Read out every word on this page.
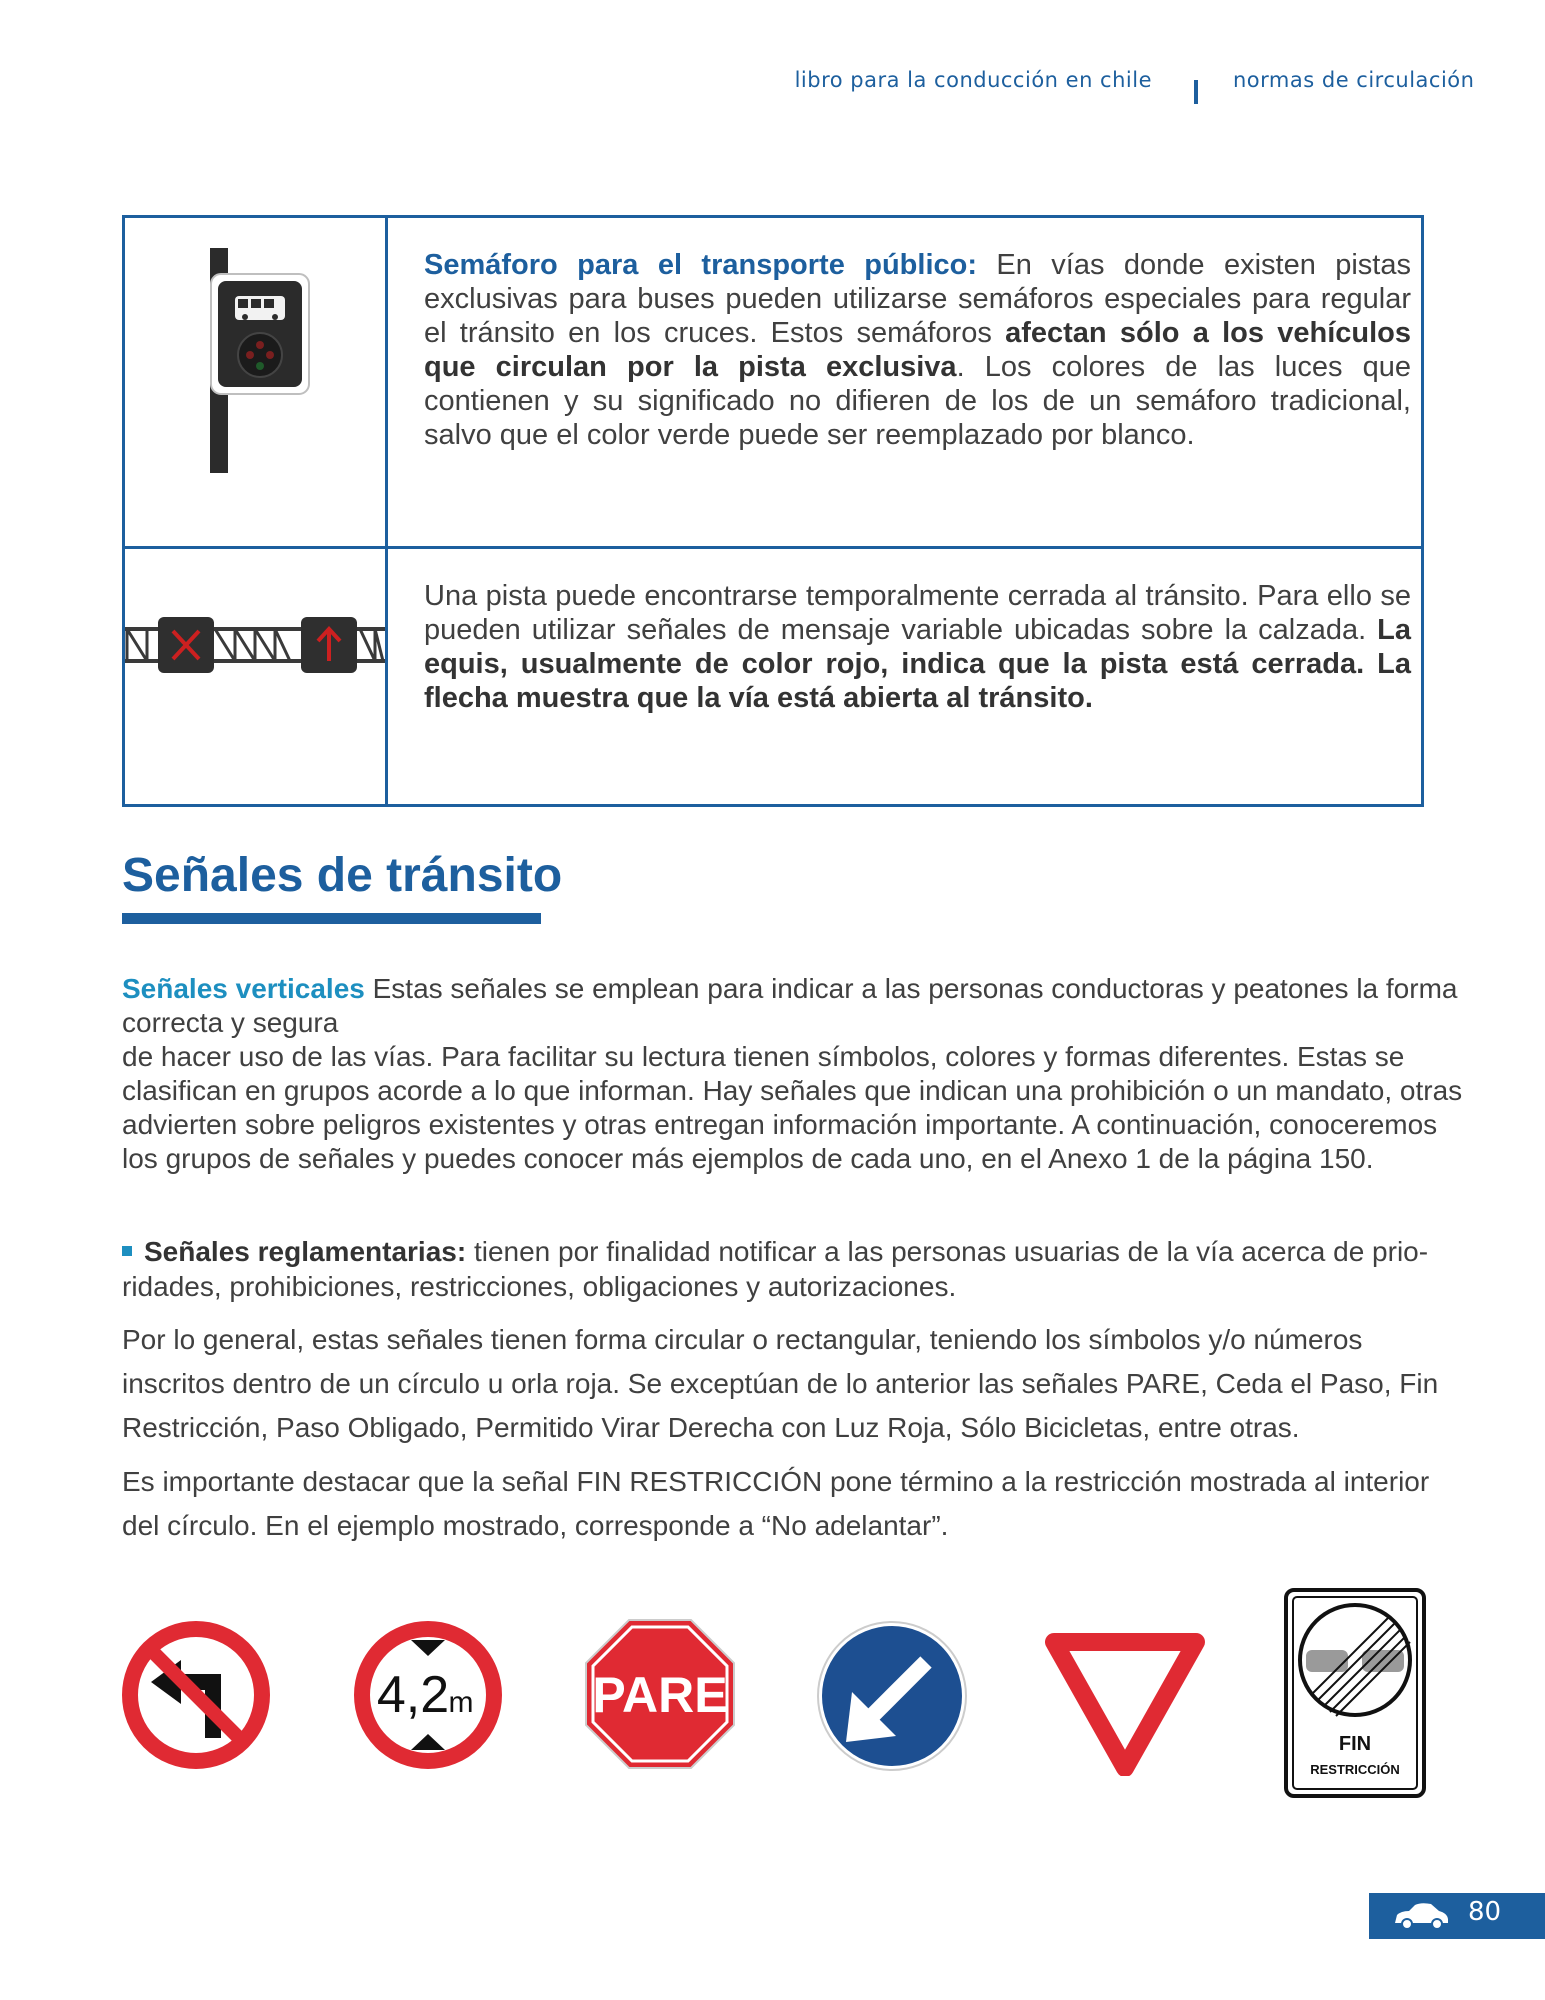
libro para la conducción en chile	normas de circulación

Semáforo para el transporte público: En vías donde existen pistas exclusivas para buses pueden utilizarse semáforos especiales para regular el tránsito en los cruces. Estos semáforos afectan sólo a los vehículos que circulan por la pista exclusiva. Los colores de las luces que contienen y su significado no difieren de los de un semáforo tradicional, salvo que el color verde puede ser reemplazado por blanco.

Una pista puede encontrarse temporalmente cerrada al tránsito. Para ello se pueden utilizar señales de mensaje variable ubicadas sobre la calzada. La equis, usualmente de color rojo, indica que la pista está cerrada. La flecha muestra que la vía está abierta al tránsito.
Señales de tránsito
Señales verticales Estas señales se emplean para indicar a las personas conductoras y peatones la forma correcta y segura
de hacer uso de las vías. Para facilitar su lectura tienen símbolos, colores y formas diferentes. Estas se clasifican en grupos acorde a lo que informan. Hay señales que indican una prohibición o un mandato, otras advierten sobre peligros existentes y otras entregan información importante. A continuación, conoceremos los grupos de señales y puedes conocer más ejemplos de cada uno, en el Anexo 1 de la página 150.
Señales reglamentarias: tienen por finalidad notificar a las personas usuarias de la vía acerca de prio- ridades, prohibiciones, restricciones, obligaciones y autorizaciones.
Por lo general, estas señales tienen forma circular o rectangular, teniendo los símbolos y/o números inscritos dentro de un círculo u orla roja. Se exceptúan de lo anterior las señales PARE, Ceda el Paso, Fin Restricción, Paso Obligado, Permitido Virar Derecha con Luz Roja, Sólo Bicicletas, entre otras.
Es importante destacar que la señal FIN RESTRICCIÓN pone término a la restricción mostrada al interior del círculo. En el ejemplo mostrado, corresponde a “No adelantar”.
4,2 m PARE
FIN
RESTRICCIÓN
80
